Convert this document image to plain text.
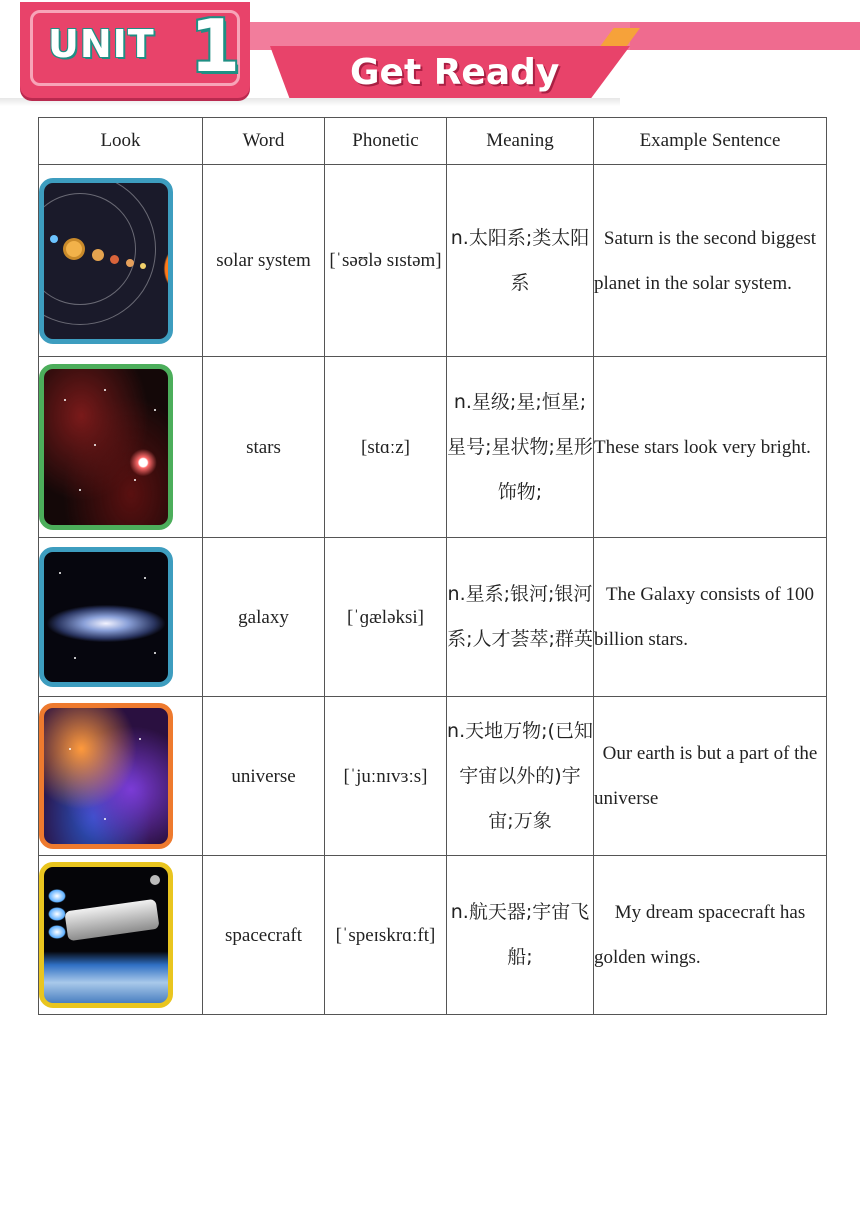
UNIT 1	Get Ready
Look	Word	Phonetic	Meaning	Example Sentence

	solar system	[ˈsəʊlə sɪstəm]	n.太阳系;类太阳系	Saturn is the second biggest planet in the solar system.

	stars	[stɑːz]	n.星级;星;恒星;星号;星状物;星形饰物;	These stars look very bright.

	galaxy	[ˈɡæləksi]	n.星系;银河;银河系;人才荟萃;群英	The Galaxy consists of 100 billion stars.

	universe	[ˈjuːnɪvɜːs]	n.天地万物;(已知宇宙以外的)宇宙;万象	Our earth is but a part of the universe

	spacecraft	[ˈspeɪskrɑːft]	n.航天器;宇宙飞船;	My dream spacecraft has golden wings.
